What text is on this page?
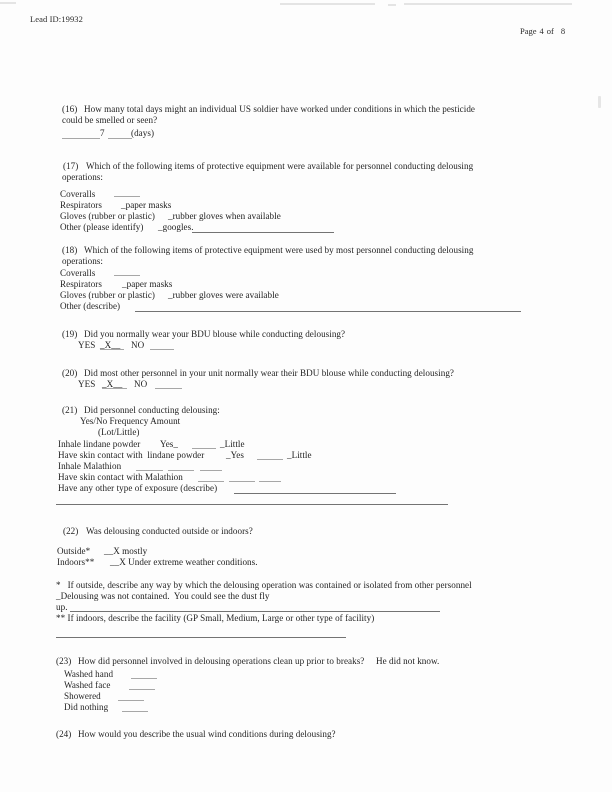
Lead ID:19932
Page 4 of 8
(16) How many total days might an individual US soldier have worked under conditions in which the pesticide
could be smelled or seen?
7	(days)
(17) Which of the following items of protective equipment were available for personnel conducting delousing
operations:
Coveralls
Respirators _paper masks
Gloves (rubber or plastic) _rubber gloves when available
Other (please identify) _googles.
(18) Which of the following items of protective equipment were used by most personnel conducting delousing
operations:
Coveralls
Respirators _paper masks
Gloves (rubber or plastic) _rubber gloves were available
Other (describe)
(19) Did you normally wear your BDU blouse while conducting delousing?
YES _X__ NO
(20) Did most other personnel in your unit normally wear their BDU blouse while conducting delousing?
YES _X__ NO
(21) Did personnel conducting delousing:
Yes/No Frequency Amount
(Lot/Little)
Inhale lindane powder Yes_	_Little
Have skin contact with  lindane powder _Yes	_Little
Inhale Malathion
Have skin contact with Malathion
Have any other type of exposure (describe)
(22) Was delousing conducted outside or indoors?
Outside* __X mostly
Indoors** __X Under extreme weather conditions.
*   If outside, describe any way by which the delousing operation was contained or isolated from other personnel
_Delousing was not contained.  You could see the dust fly
up.
** If indoors, describe the facility (GP Small, Medium, Large or other type of facility)
(23) How did personnel involved in delousing operations clean up prior to breaks? He did not know.
Washed hand
Washed face
Showered
Did nothing
(24) How would you describe the usual wind conditions during delousing?
